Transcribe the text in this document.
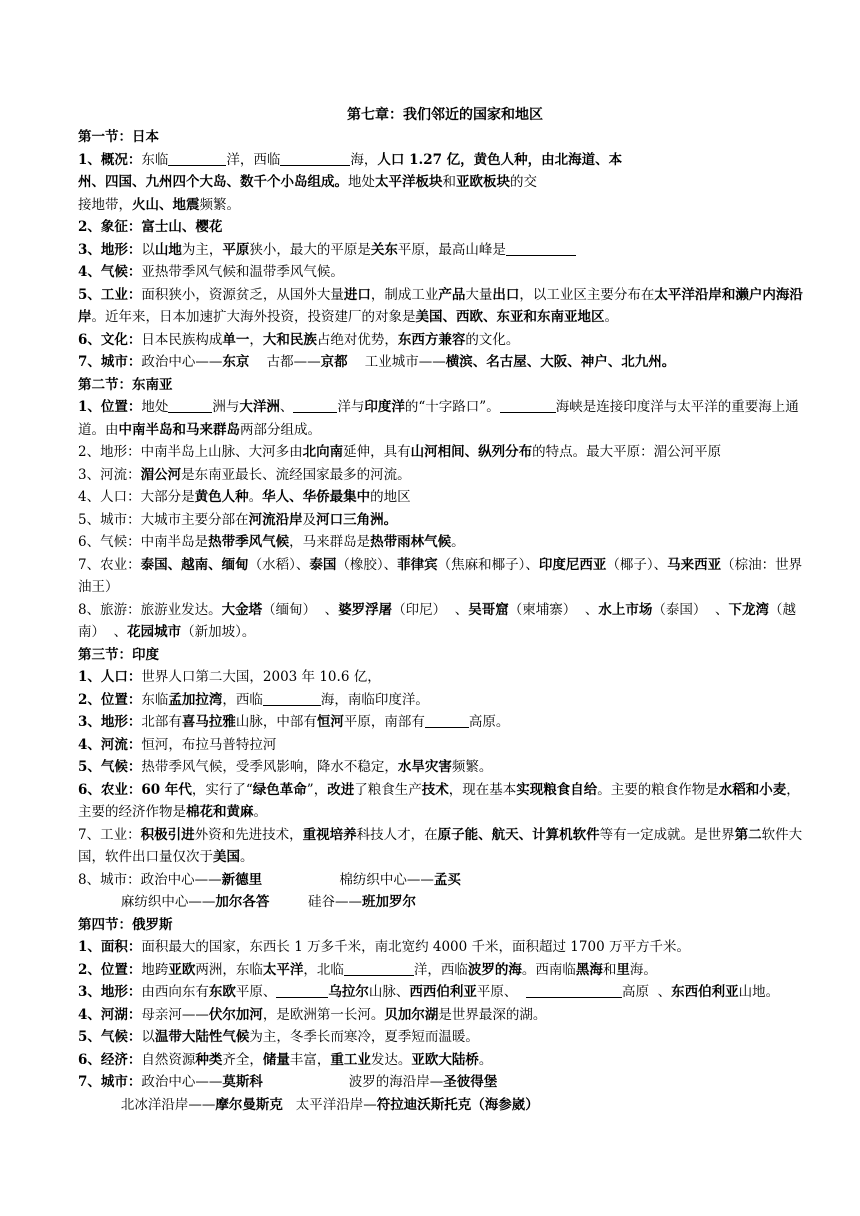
第七章：我们邻近的国家和地区

第一节：日本

1、概况：东临	洋，西临	海，人口 1.27 亿，黄色人种，由北海道、本
州、四国、九州四个大岛、数千个小岛组成。地处太平洋板块和亚欧板块的交
接地带，火山、地震频繁。

2、象征：富士山、樱花

3、地形：以山地为主，平原狭小，最大的平原是关东平原，最高山峰是

4、气候：亚热带季风气候和温带季风气候。

5、工业：面积狭小，资源贫乏，从国外大量进口，制成工业产品大量出口，以工业区主要分布在太平洋沿岸和濑户内海沿岸。近年来，日本加速扩大海外投资，投资建厂的对象是美国、西欧、东亚和东南亚地区。

6、文化：日本民族构成单一，大和民族占绝对优势，东西方兼容的文化。

7、城市：政治中心——东京    古都——京都    工业城市——横滨、名古屋、大阪、神户、北九州。

第二节：东南亚

1、位置：地处	洲与大洋洲、	洋与印度洋的“十字路口”。	海峡是连接印度洋与太平洋的重要海上通道。由中南半岛和马来群岛两部分组成。

2、地形：中南半岛上山脉、大河多由北向南延伸，具有山河相间、纵列分布的特点。最大平原：湄公河平原

3、河流：湄公河是东南亚最长、流经国家最多的河流。

4、人口：大部分是黄色人种。华人、华侨最集中的地区

5、城市：大城市主要分部在河流沿岸及河口三角洲。

6、气候：中南半岛是热带季风气候，马来群岛是热带雨林气候。

7、农业：泰国、越南、缅甸（水稻）、泰国（橡胶）、菲律宾（焦麻和椰子）、印度尼西亚（椰子）、马来西亚（棕油：世界油王）

8、旅游：旅游业发达。大金塔（缅甸）  、婆罗浮屠（印尼）  、吴哥窟（柬埔寨）  、水上市场（泰国）  、下龙湾（越南）  、花园城市（新加坡）。

第三节：印度

1、人口：世界人口第二大国，2003 年 10.6 亿，

2、位置：东临孟加拉湾，西临	海，南临印度洋。

3、地形：北部有喜马拉雅山脉，中部有恒河平原，南部有	高原。

4、河流：恒河，布拉马普特拉河

5、气候：热带季风气候，受季风影响，降水不稳定，水旱灾害频繁。

6、农业：60 年代，实行了“绿色革命”，改进了粮食生产技术，现在基本实现粮食自给。主要的粮食作物是水稻和小麦，主要的经济作物是棉花和黄麻。

7、工业：积极引进外资和先进技术，重视培养科技人才，在原子能、航天、计算机软件等有一定成就。是世界第二软件大国，软件出口量仅次于美国。

8、城市：政治中心——新德里                  棉纺织中心——孟买
麻纺织中心——加尔各答         硅谷——班加罗尔

第四节：俄罗斯

1、面积：面积最大的国家，东西长 1 万多千米，南北宽约 4000 千米，面积超过 1700 万平方千米。

2、位置：地跨亚欧两洲，东临太平洋，北临	洋，西临波罗的海。西南临黑海和里海。

3、地形：由西向东有东欧平原、	乌拉尔山脉、西西伯利亚平原、	高原  、东西伯利亚山地。

4、河湖：母亲河——伏尔加河，是欧洲第一长河。贝加尔湖是世界最深的湖。

5、气候：以温带大陆性气候为主，冬季长而寒冷，夏季短而温暖。

6、经济：自然资源种类齐全，储量丰富，重工业发达。亚欧大陆桥。

7、城市：政治中心——莫斯科                    波罗的海沿岸—圣彼得堡
北冰洋沿岸——摩尔曼斯克   太平洋沿岸—符拉迪沃斯托克（海参崴）
